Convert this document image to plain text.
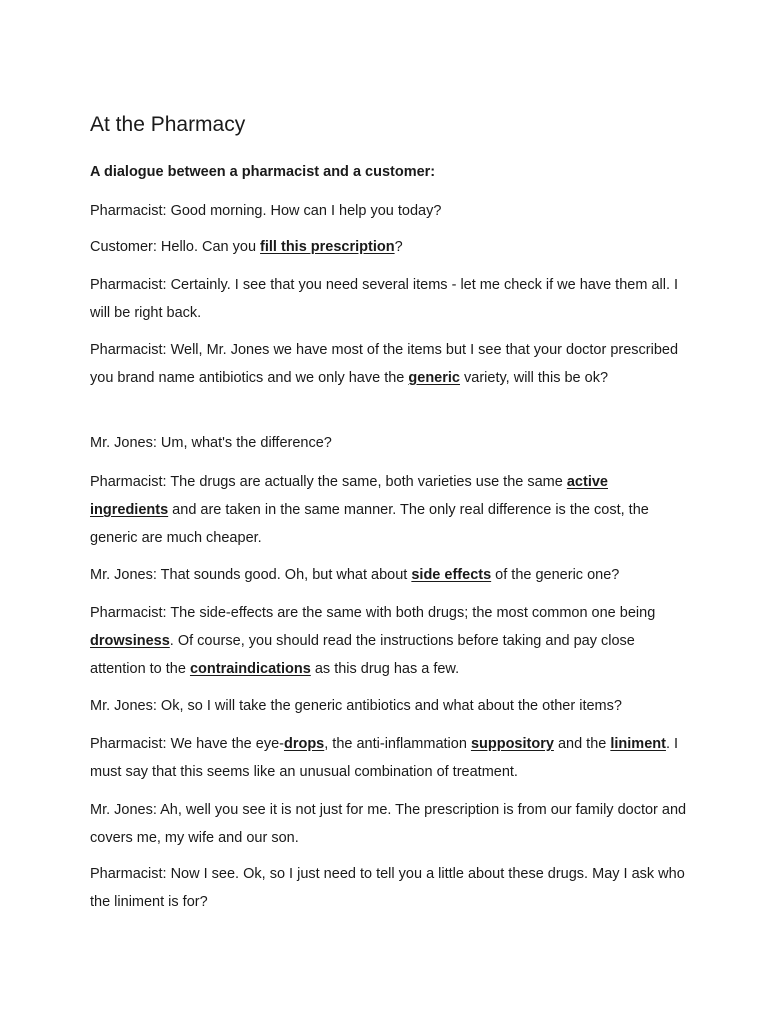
At the Pharmacy

A dialogue between a pharmacist and a customer:

Pharmacist: Good morning. How can I help you today?

Customer: Hello. Can you fill this prescription?

Pharmacist: Certainly. I see that you need several items - let me check if we have them all. I will be right back.

Pharmacist: Well, Mr. Jones we have most of the items but I see that your doctor prescribed you brand name antibiotics and we only have the generic variety, will this be ok?

Mr. Jones: Um, what's the difference?

Pharmacist: The drugs are actually the same, both varieties use the same active ingredients and are taken in the same manner. The only real difference is the cost, the generic are much cheaper.

Mr. Jones: That sounds good. Oh, but what about side effects of the generic one?

Pharmacist: The side-effects are the same with both drugs; the most common one being drowsiness. Of course, you should read the instructions before taking and pay close attention to the contraindications as this drug has a few.

Mr. Jones: Ok, so I will take the generic antibiotics and what about the other items?

Pharmacist: We have the eye-drops, the anti-inflammation suppository and the liniment. I must say that this seems like an unusual combination of treatment.

Mr. Jones: Ah, well you see it is not just for me. The prescription is from our family doctor and covers me, my wife and our son.

Pharmacist: Now I see. Ok, so I just need to tell you a little about these drugs. May I ask who the liniment is for?
